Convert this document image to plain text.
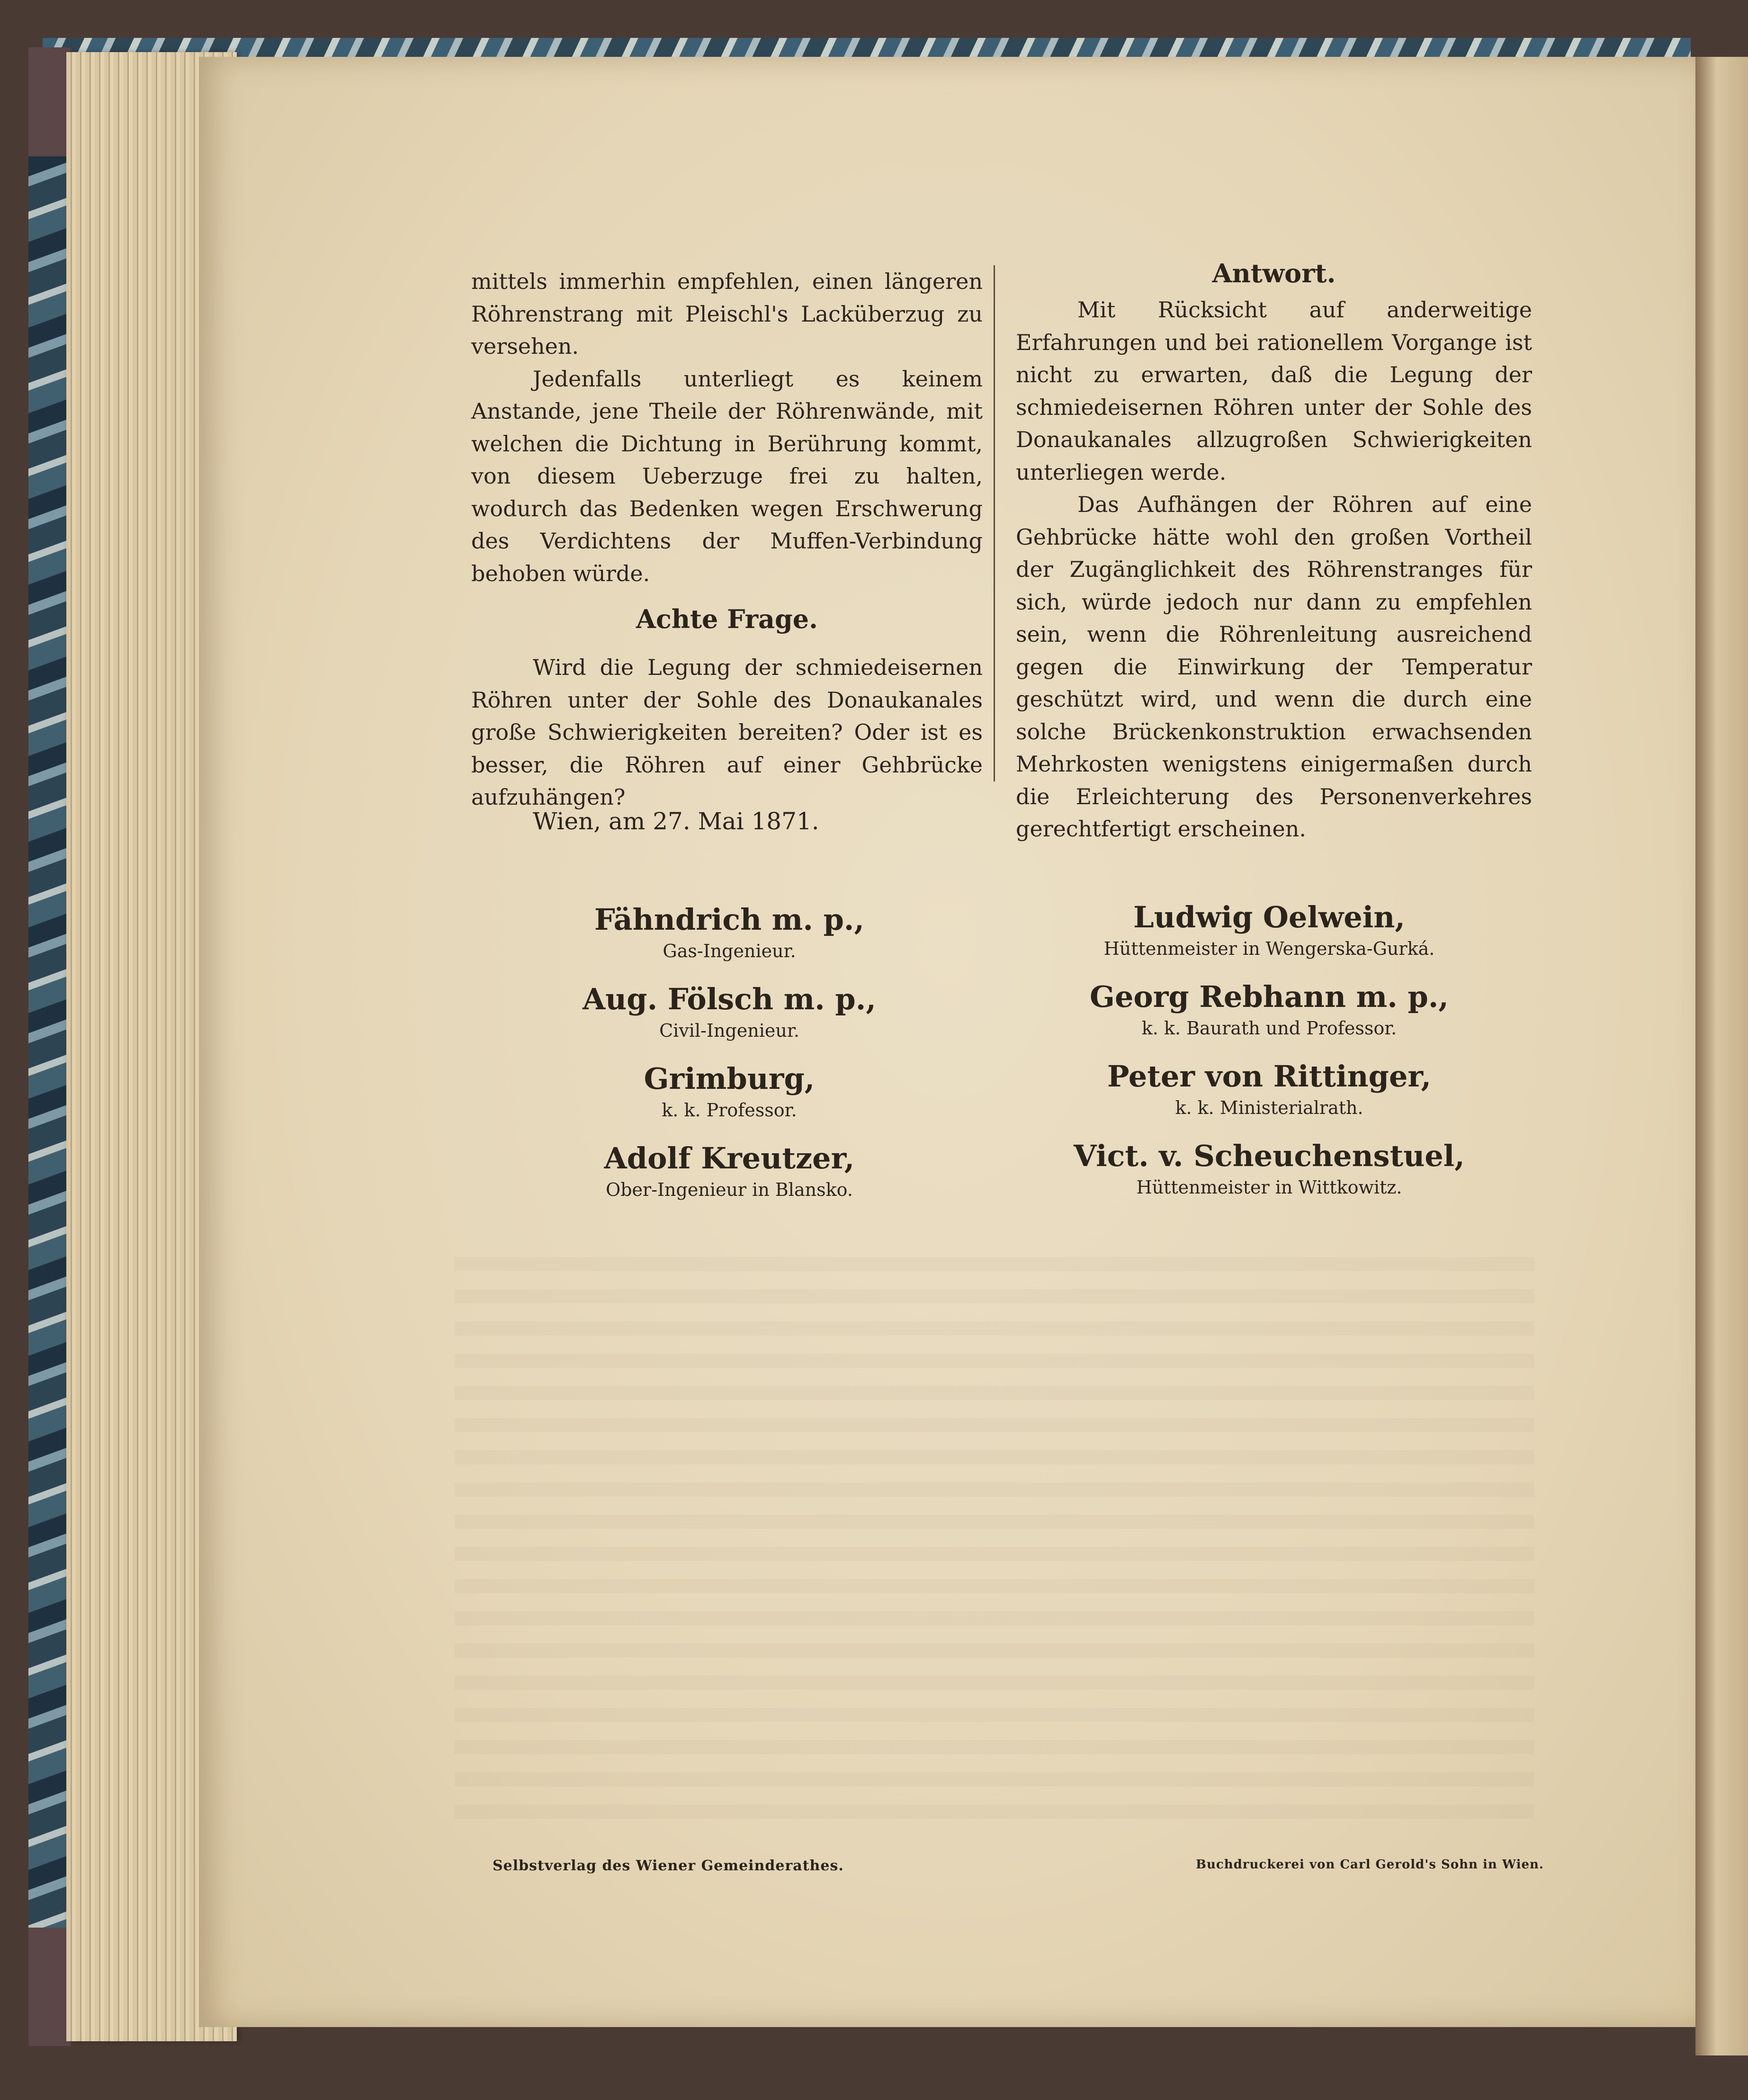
mittels immerhin empfehlen, einen längeren Röhrenstrang mit Pleischl's Lacküberzug zu versehen.

Jedenfalls unterliegt es keinem Anstande, jene Theile der Röhrenwände, mit welchen die Dichtung in Berührung kommt, von diesem Ueberzuge frei zu halten, wodurch das Bedenken wegen Erschwerung des Verdichtens der Muffen-Verbindung behoben würde.

Achte Frage.

Wird die Legung der schmiedeisernen Röhren unter der Sohle des Donaukanales große Schwierigkeiten bereiten? Oder ist es besser, die Röhren auf einer Gehbrücke aufzuhängen?

Antwort.

Mit Rücksicht auf anderweitige Erfahrungen und bei rationellem Vorgange ist nicht zu erwarten, daß die Legung der schmiedeisernen Röhren unter der Sohle des Donaukanales allzugroßen Schwierigkeiten unterliegen werde.

Das Aufhängen der Röhren auf eine Gehbrücke hätte wohl den großen Vortheil der Zugänglichkeit des Röhrenstranges für sich, würde jedoch nur dann zu empfehlen sein, wenn die Röhrenleitung ausreichend gegen die Einwirkung der Temperatur geschützt wird, und wenn die durch eine solche Brückenkonstruktion erwachsenden Mehrkosten wenigstens einigermaßen durch die Erleichterung des Personenverkehres gerechtfertigt erscheinen.

Wien, am 27. Mai 1871.
Fähndrich m. p.,
Gas-Ingenieur.
Aug. Fölsch m. p.,
Civil-Ingenieur.
Grimburg,
k. k. Professor.
Adolf Kreutzer,
Ober-Ingenieur in Blansko.
Ludwig Oelwein,
Hüttenmeister in Wengerska-Gurká.
Georg Rebhann m. p.,
k. k. Baurath und Professor.
Peter von Rittinger,
k. k. Ministerialrath.
Vict. v. Scheuchenstuel,
Hüttenmeister in Wittkowitz.
Selbstverlag des Wiener Gemeinderathes.	Buchdruckerei von Carl Gerold's Sohn in Wien.
